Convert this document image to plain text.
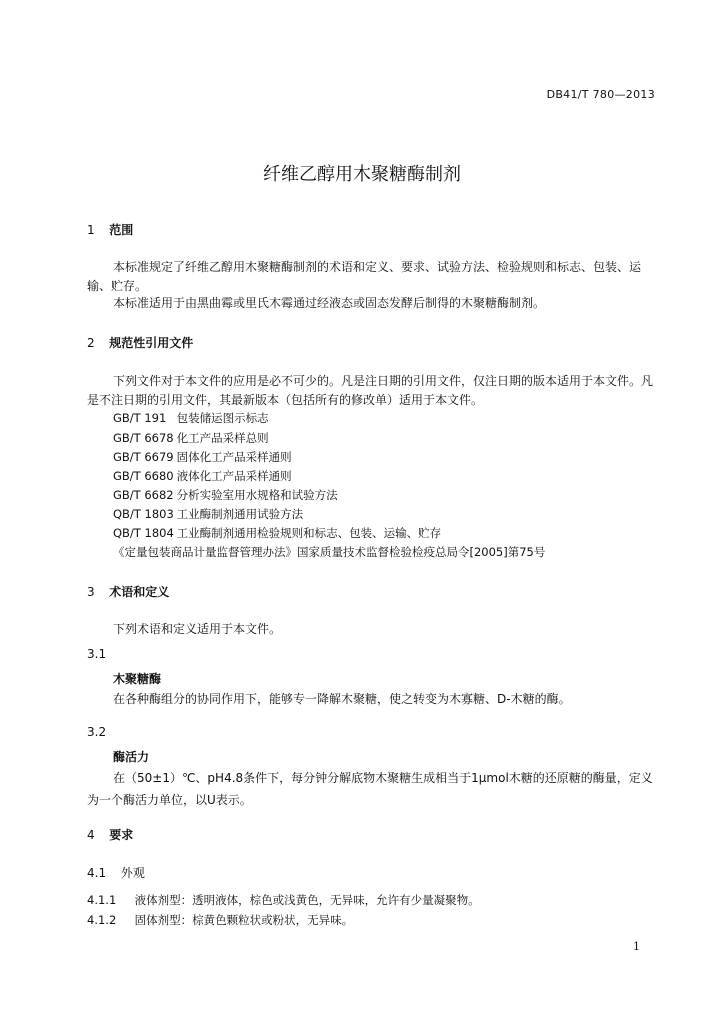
DB41/T 780—2013
纤维乙醇用木聚糖酶制剂
1 范围
本标准规定了纤维乙醇用木聚糖酶制剂的术语和定义、要求、试验方法、检验规则和标志、包装、运输、贮存。
本标准适用于由黑曲霉或里氏木霉通过经液态或固态发酵后制得的木聚糖酶制剂。
2 规范性引用文件
下列文件对于本文件的应用是必不可少的。凡是注日期的引用文件，仅注日期的版本适用于本文件。凡是不注日期的引用文件，其最新版本（包括所有的修改单）适用于本文件。
GB/T 191 包装储运图示标志
GB/T 6678 化工产品采样总则
GB/T 6679 固体化工产品采样通则
GB/T 6680 液体化工产品采样通则
GB/T 6682 分析实验室用水规格和试验方法
QB/T 1803 工业酶制剂通用试验方法
QB/T 1804 工业酶制剂通用检验规则和标志、包装、运输、贮存
《定量包装商品计量监督管理办法》国家质量技术监督检验检疫总局令[2005]第75号
3 术语和定义
下列术语和定义适用于本文件。
3.1
木聚糖酶
在各种酶组分的协同作用下，能够专一降解木聚糖，使之转变为木寡糖、D-木糖的酶。
3.2
酶活力
在（50±1）℃、pH4.8条件下，每分钟分解底物木聚糖生成相当于1μmol木糖的还原糖的酶量，定义为一个酶活力单位，以U表示。
4 要求
4.1 外观
4.1.1 液体剂型：透明液体，棕色或浅黄色，无异味，允许有少量凝聚物。
4.1.2 固体剂型：棕黄色颗粒状或粉状，无异味。
1
